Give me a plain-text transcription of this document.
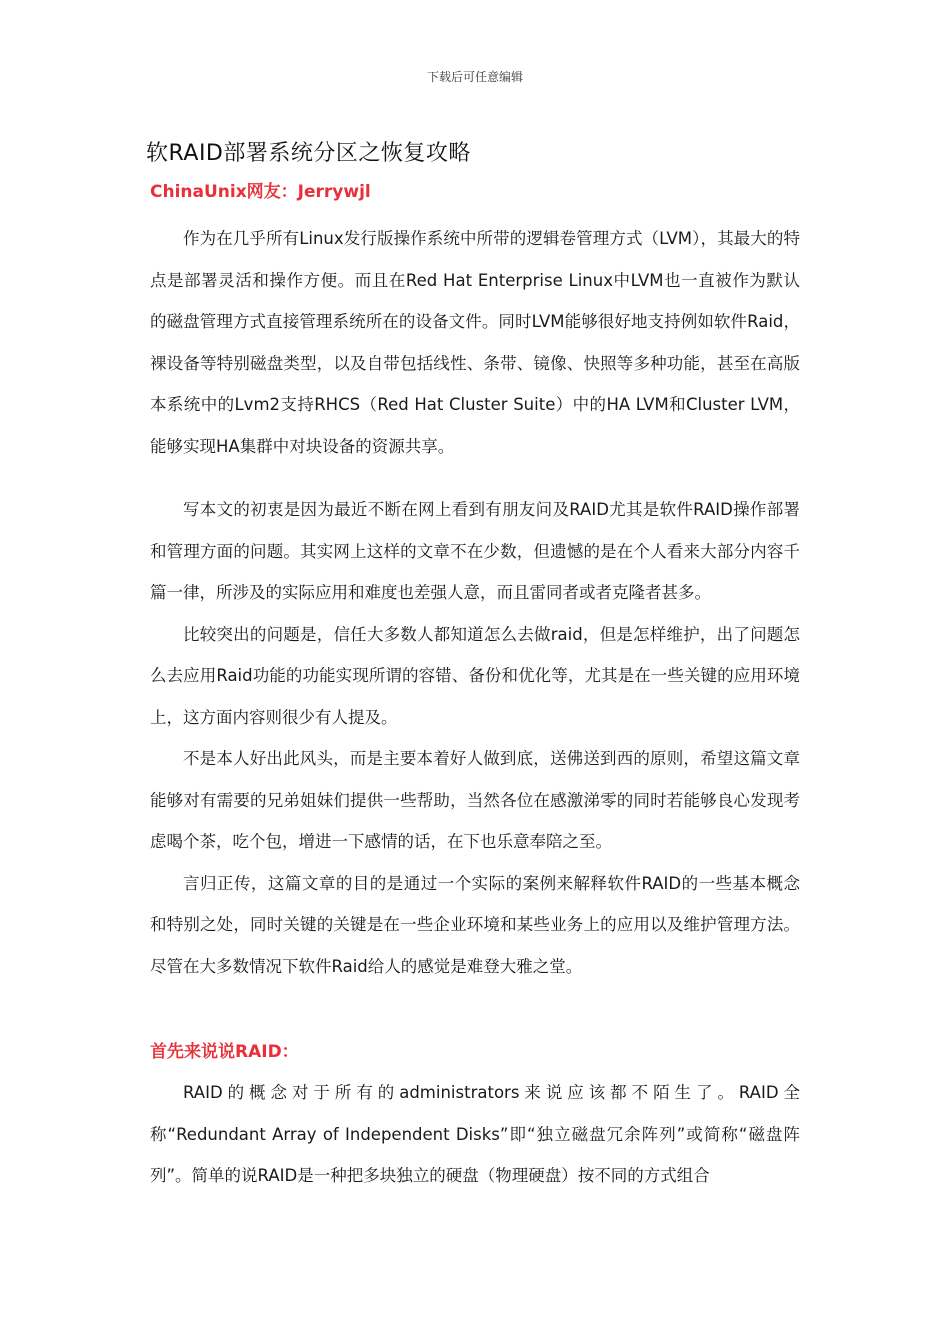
下载后可任意编辑
软RAID部署系统分区之恢复攻略
ChinaUnix网友：Jerrywjl

作为在几乎所有Linux发行版操作系统中所带的逻辑卷管理方式（LVM），其最大的特点是部署灵活和操作方便。而且在Red Hat Enterprise Linux中LVM也一直被作为默认的磁盘管理方式直接管理系统所在的设备文件。同时LVM能够很好地支持例如软件Raid，裸设备等特别磁盘类型，以及自带包括线性、条带、镜像、快照等多种功能，甚至在高版本系统中的Lvm2支持RHCS（Red Hat Cluster Suite）中的HA LVM和Cluster LVM，能够实现HA集群中对块设备的资源共享。

写本文的初衷是因为最近不断在网上看到有朋友问及RAID尤其是软件RAID操作部署和管理方面的问题。其实网上这样的文章不在少数，但遗憾的是在个人看来大部分内容千篇一律，所涉及的实际应用和难度也差强人意，而且雷同者或者克隆者甚多。

比较突出的问题是，信任大多数人都知道怎么去做raid，但是怎样维护，出了问题怎么去应用Raid功能的功能实现所谓的容错、备份和优化等，尤其是在一些关键的应用环境上，这方面内容则很少有人提及。

不是本人好出此风头，而是主要本着好人做到底，送佛送到西的原则，希望这篇文章能够对有需要的兄弟姐妹们提供一些帮助，当然各位在感激涕零的同时若能够良心发现考虑喝个茶，吃个包，增进一下感情的话，在下也乐意奉陪之至。

言归正传，这篇文章的目的是通过一个实际的案例来解释软件RAID的一些基本概念和特别之处，同时关键的关键是在一些企业环境和某些业务上的应用以及维护管理方法。尽管在大多数情况下软件Raid给人的感觉是难登大雅之堂。

首先来说说RAID：

RAID的概念对于所有的administrators来说应该都不陌生了。RAID全称“Redundant Array of Independent Disks”即“独立磁盘冗余阵列”或简称“磁盘阵列”。简单的说RAID是一种把多块独立的硬盘（物理硬盘）按不同的方式组合
